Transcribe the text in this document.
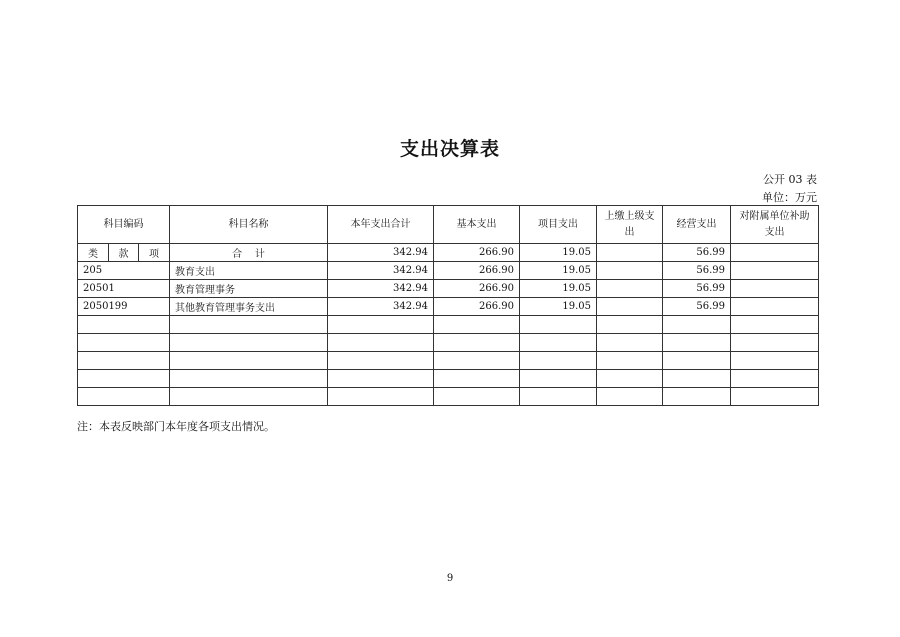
支出决算表
公开 03 表
单位：万元
科目编码			科目名称	本年支出合计	基本支出	项目支出	上缴上级支出	经营支出	对附属单位补助支出
类	款	项	合    计	342.94	266.90	19.05		56.99	
205			教育支出	342.94	266.90	19.05		56.99	
20501			教育管理事务	342.94	266.90	19.05		56.99	
2050199			其他教育管理事务支出	342.94	266.90	19.05		56.99	

注：本表反映部门本年度各项支出情况。
9
